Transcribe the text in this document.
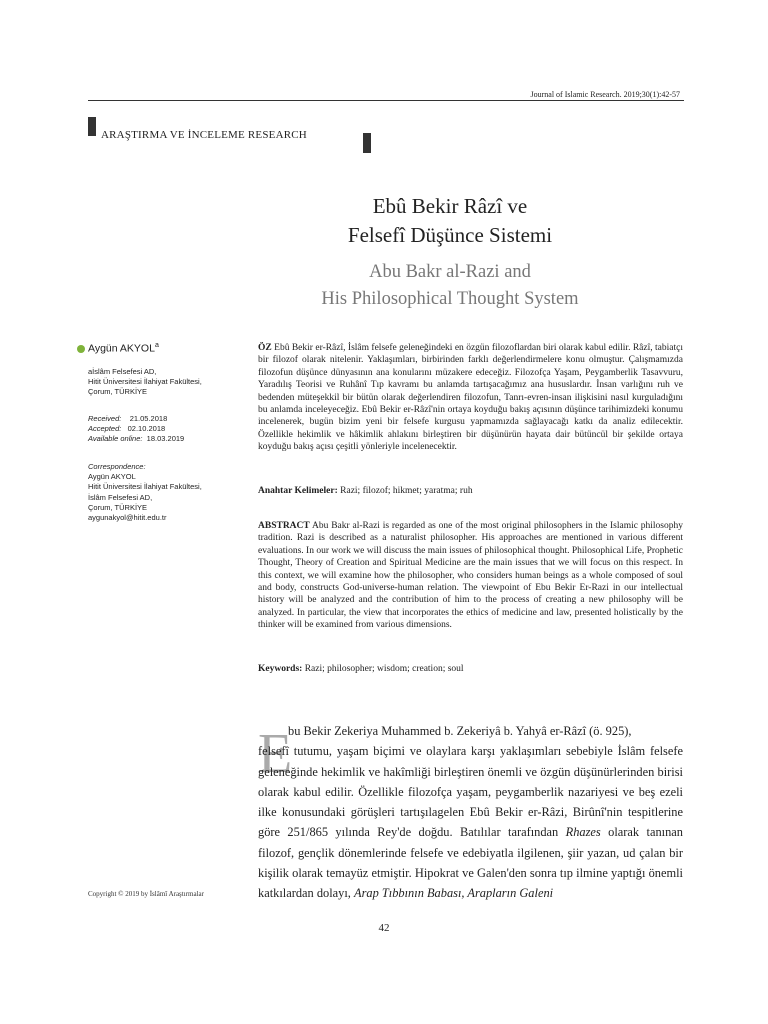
Journal of Islamic Research. 2019;30(1):42-57
ARAŞTIRMA VE İNCELEME RESEARCH
Ebû Bekir Râzî ve
Felsefî Düşünce Sistemi
Abu Bakr al-Razi and
His Philosophical Thought System
Aygün AKYOL$^a$
aİslâm Felsefesi AD,
Hitit Üniversitesi İlahiyat Fakültesi,
Çorum, TÜRKİYE
Received: 21.05.2018
Accepted: 02.10.2018
Available online: 18.03.2019
Correspondence:
Aygün AKYOL
Hitit Üniversitesi İlahiyat Fakültesi,
İslâm Felsefesi AD,
Çorum, TÜRKİYE
aygunakyol@hitit.edu.tr
ÖZ Ebû Bekir er-Râzî, İslâm felsefe geleneğindeki en özgün filozoflardan biri olarak kabul edilir. Râzî, tabiatçı bir filozof olarak nitelenir. Yaklaşımları, birbirinden farklı değerlendirmelere konu olmuştur. Çalışmamızda filozofun düşünce dünyasının ana konularını müzakere edeceğiz. Filozofça Yaşam, Peygamberlik Tasavvuru, Yaradılış Teorisi ve Ruhânî Tıp kavramı bu anlamda tartışacağımız ana hususlardır. İnsan varlığını ruh ve bedenden müteşekkil bir bütün olarak değerlendiren filozofun, Tanrı-evren-insan ilişkisini nasıl kurguladığını bu anlamda inceleyeceğiz. Ebû Bekir er-Râzî'nin ortaya koyduğu bakış açısının düşünce tarihimizdeki konumu incelenerek, bugün bizim yeni bir felsefe kurgusu yapmamızda sağlayacağı katkı da analiz edilecektir. Özellikle hekimlik ve hâkimlik ahlakını birleştiren bir düşünürün hayata dair bütüncül bir şekilde ortaya koyduğu bakış açısı çeşitli yönleriyle incelenecektir.
Anahtar Kelimeler: Razi; filozof; hikmet; yaratma; ruh
ABSTRACT Abu Bakr al-Razi is regarded as one of the most original philosophers in the Islamic philosophy tradition. Razi is described as a naturalist philosopher. His approaches are mentioned in various different evaluations. In our work we will discuss the main issues of philosophical thought. Philosophical Life, Prophetic Thought, Theory of Creation and Spiritual Medicine are the main issues that we will focus on this respect. In this context, we will examine how the philosopher, who considers human beings as a whole composed of soul and body, constructs God-universe-human relation. The viewpoint of Ebu Bekir Er-Razi in our intellectual history will be analyzed and the contribution of him to the process of creating a new philosophy will be analyzed. In particular, the view that incorporates the ethics of medicine and law, presented holistically by the thinker will be examined from various dimensions.
Keywords: Razi; philosopher; wisdom; creation; soul
E
bu Bekir Zekeriya Muhammed b. Zekeriyâ b. Yahyâ er-Râzî (ö. 925),
felsefî tutumu, yaşam biçimi ve olaylara karşı yaklaşımları sebebiyle İslâm felsefe geleneğinde hekimlik ve hakîmliği birleştiren önemli ve özgün düşünürlerinden birisi olarak kabul edilir. Özellikle filozofça yaşam, peygamberlik nazariyesi ve beş ezeli ilke konusundaki görüşleri tartışılagelen Ebû Bekir er-Râzi, Birûnî'nin tespitlerine göre 251/865 yılında Rey'de doğdu. Batılılar tarafından Rhazes olarak tanınan filozof, gençlik dönemlerinde felsefe ve edebiyatla ilgilenen, şiir yazan, ud çalan bir kişilik olarak temayüz etmiştir. Hipokrat ve Galen'den sonra tıp ilmine yaptığı önemli katkılardan dolayı, Arap Tıbbının Babası, Arapların Galeni
Copyright © 2019 by İslâmî Araştırmalar
42
